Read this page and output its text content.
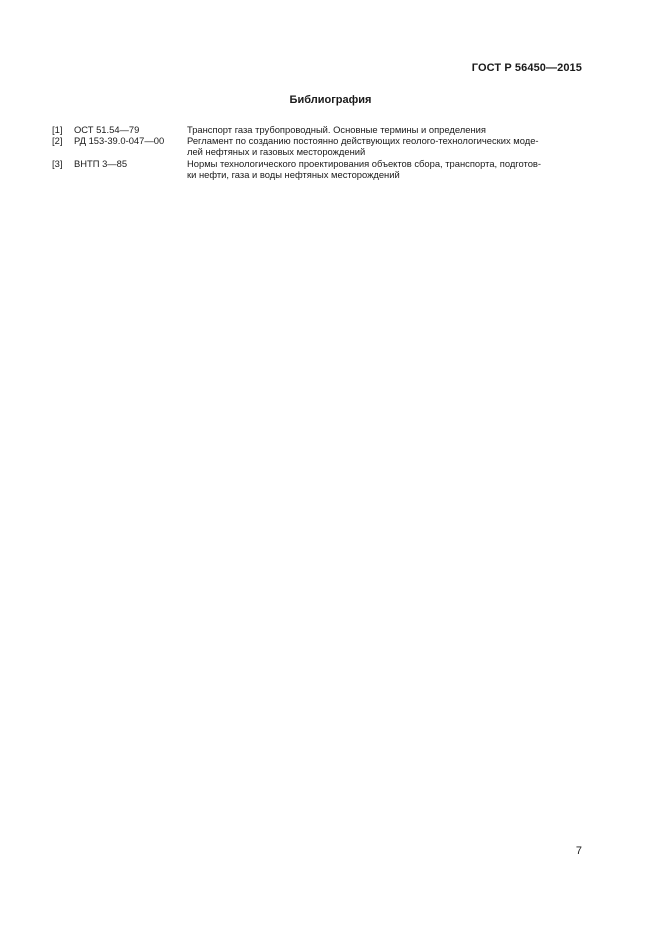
ГОСТ Р 56450—2015
Библиография
[1]	ОСТ 51.54—79	Транспорт газа трубопроводный. Основные термины и определения
[2]	РД 153-39.0-047—00	Регламент по созданию постоянно действующих геолого-технологических моде-
лей нефтяных и газовых месторождений
[3]	ВНТП 3—85	Нормы технологического проектирования объектов сбора, транспорта, подготов-
ки нефти, газа и воды нефтяных месторождений
7
